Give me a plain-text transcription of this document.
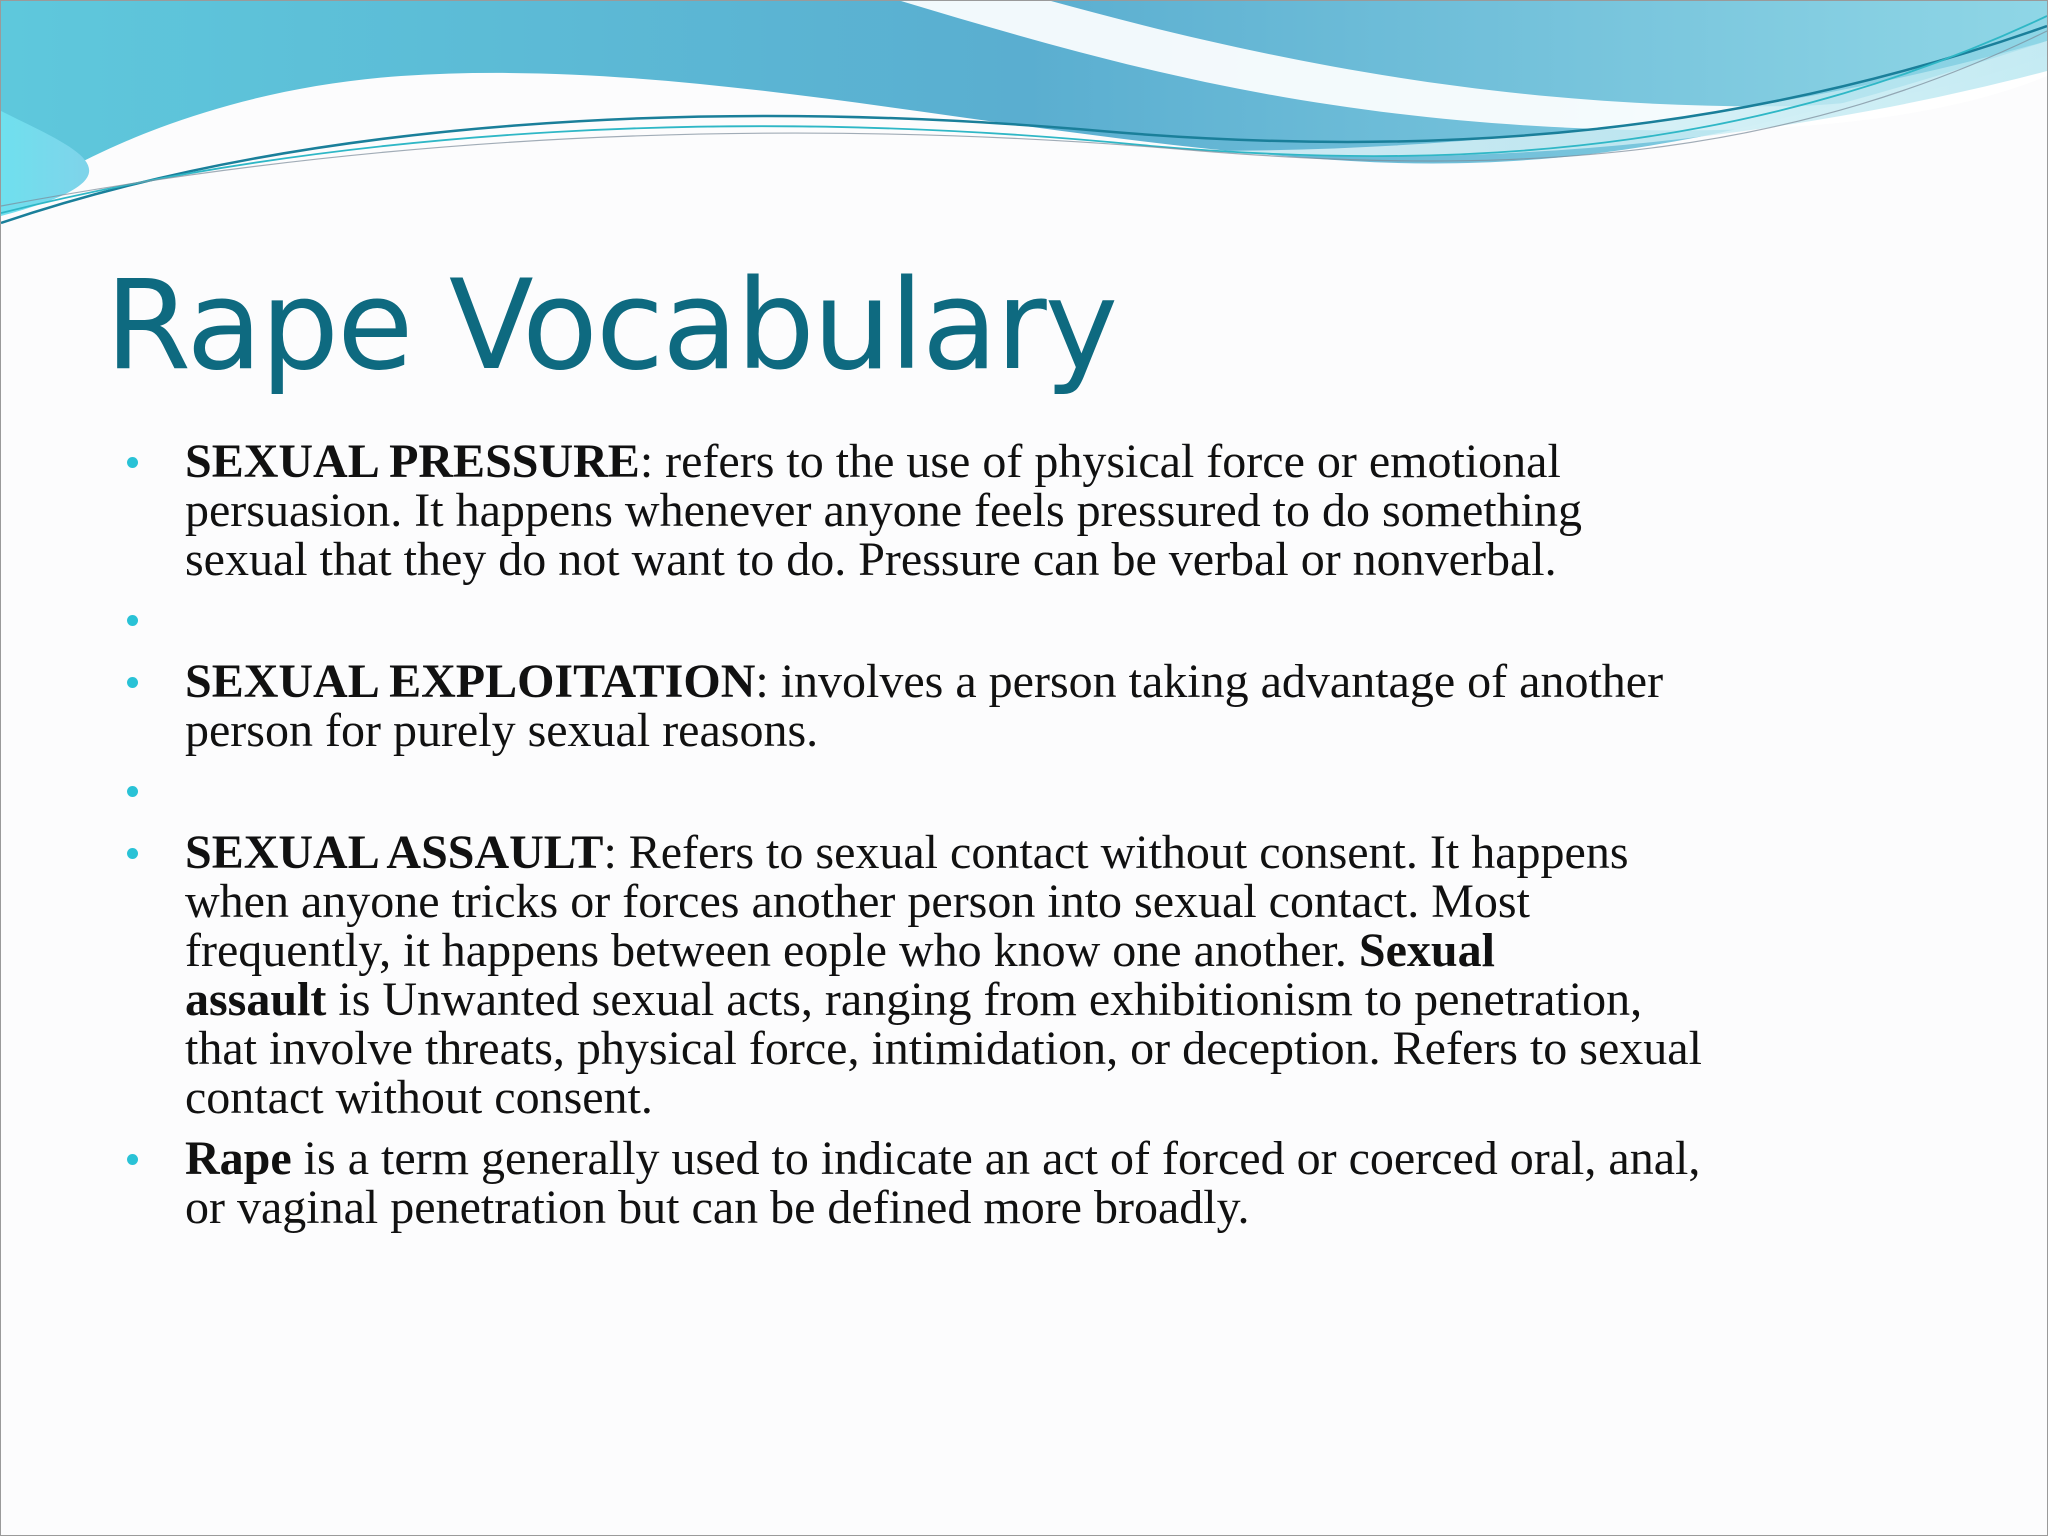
Rape Vocabulary
SEXUAL PRESSURE: refers to the use of physical force or emotional
persuasion. It happens whenever anyone feels pressured to do something
sexual that they do not want to do. Pressure can be verbal or nonverbal.
SEXUAL EXPLOITATION: involves a person taking advantage of another
person for purely sexual reasons.
SEXUAL ASSAULT: Refers to sexual contact without consent. It happens
when anyone tricks or forces another person into sexual contact. Most
frequently, it happens between eople who know one another. Sexual
assault is Unwanted sexual acts, ranging from exhibitionism to penetration,
that involve threats, physical force, intimidation, or deception. Refers to sexual
contact without consent.
Rape is a term generally used to indicate an act of forced or coerced oral, anal,
or vaginal penetration but can be defined more broadly.
